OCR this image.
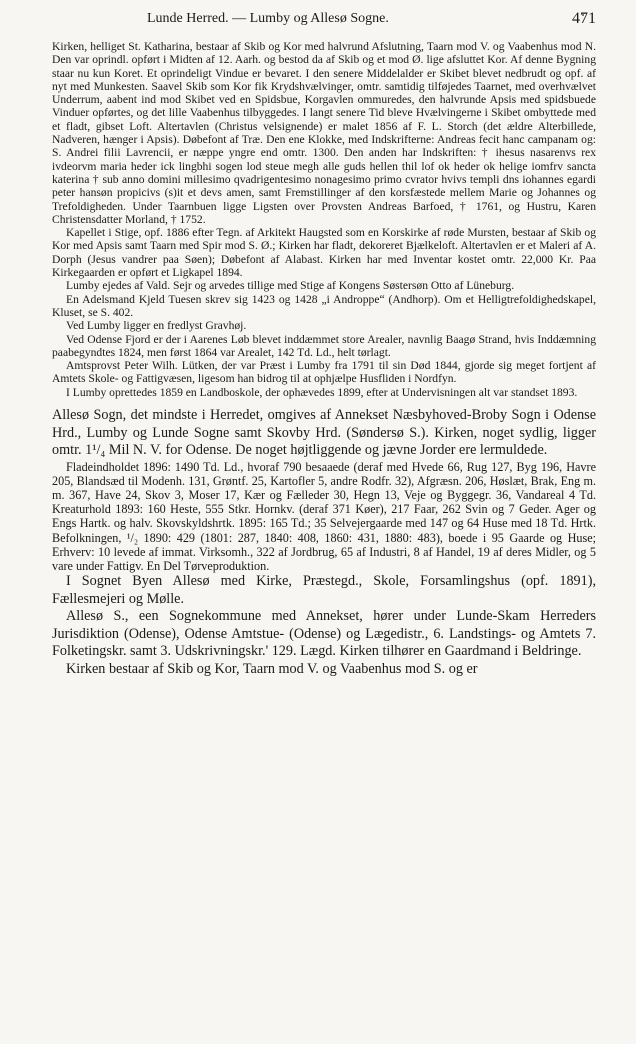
Lunde Herred. — Lumby og Allesø Sogne.	471

Kirken, helliget St. Katharina, bestaar af Skib og Kor med halvrund Afslutning, Taarn mod V. og Vaabenhus mod N. Den var oprindl. opført i Midten af 12. Aarh. og bestod da af Skib og et mod Ø. lige afsluttet Kor. Af denne Bygning staar nu kun Koret. Et oprindeligt Vindue er bevaret. I den senere Middelalder er Skibet blevet nedbrudt og opf. af nyt med Munkesten. Saavel Skib som Kor fik Krydshvælvinger, omtr. samtidig tilføjedes Taarnet, med overhvælvet Underrum, aabent ind mod Skibet ved en Spidsbue, Korgavlen ommuredes, den halvrunde Apsis med spidsbuede Vinduer opførtes, og det lille Vaabenhus tilbyggedes. I langt senere Tid bleve Hvælvingerne i Skibet ombyttede med et fladt, gibset Loft. Altertavlen (Christus velsignende) er malet 1856 af F. L. Storch (det ældre Alterbillede, Nadveren, hænger i Apsis). Døbefont af Træ. Den ene Klokke, med Indskrifterne: Andreas fecit hanc campanam og: S. Andrei filii Lavrencii, er næppe yngre end omtr. 1300. Den anden har Indskriften: † ihesus nasarenvs rex ivdeorvm maria heder ick lingbhi sogen lod steue megh alle guds hellen thil lof ok heder ok helige iomfrv sancta katerina † sub anno domini millesimo qvadrigentesimo nonagesimo primo cvrator hvivs templi dns iohannes egardi peter hansøn propicivs (s)it et devs amen, samt Fremstillinger af den korsfæstede mellem Marie og Johannes og Trefoldigheden. Under Taarnbuen ligge Ligsten over Provsten Andreas Barfoed, † 1761, og Hustru, Karen Christensdatter Morland, † 1752.

Kapellet i Stige, opf. 1886 efter Tegn. af Arkitekt Haugsted som en Korskirke af røde Mursten, bestaar af Skib og Kor med Apsis samt Taarn med Spir mod S. Ø.; Kirken har fladt, dekoreret Bjælkeloft. Altertavlen er et Maleri af A. Dorph (Jesus vandrer paa Søen); Døbefont af Alabast. Kirken har med Inventar kostet omtr. 22,000 Kr. Paa Kirkegaarden er opført et Ligkapel 1894.

Lumby ejedes af Vald. Sejr og arvedes tillige med Stige af Kongens Søstersøn Otto af Lüneburg.

En Adelsmand Kjeld Tuesen skrev sig 1423 og 1428 „i Androppe“ (Andhorp). Om et Helligtrefoldighedskapel, Kluset, se S. 402.

Ved Lumby ligger en fredlyst Gravhøj.

Ved Odense Fjord er der i Aarenes Løb blevet inddæmmet store Arealer, navnlig Baagø Strand, hvis Inddæmning paabegyndtes 1824, men først 1864 var Arealet, 142 Td. Ld., helt tørlagt.

Amtsprovst Peter Wilh. Lütken, der var Præst i Lumby fra 1791 til sin Død 1844, gjorde sig meget fortjent af Amtets Skole- og Fattigvæsen, ligesom han bidrog til at ophjælpe Husfliden i Nordfyn.

I Lumby oprettedes 1859 en Landboskole, der ophævedes 1899, efter at Undervisningen alt var standset 1893.

Allesø Sogn, det mindste i Herredet, omgives af Annekset Næsbyhoved-Broby Sogn i Odense Hrd., Lumby og Lunde Sogne samt Skovby Hrd. (Søndersø S.). Kirken, noget sydlig, ligger omtr. 1¹/₄ Mil N. V. for Odense. De noget højtliggende og jævne Jorder ere lermuldede.

Fladeindholdet 1896: 1490 Td. Ld., hvoraf 790 besaaede (deraf med Hvede 66, Rug 127, Byg 196, Havre 205, Blandsæd til Modenh. 131, Grøntf. 25, Kartofler 5, andre Rodfr. 32), Afgræsn. 206, Høslæt, Brak, Eng m. m. 367, Have 24, Skov 3, Moser 17, Kær og Fælleder 30, Hegn 13, Veje og Byggegr. 36, Vandareal 4 Td. Kreaturhold 1893: 160 Heste, 555 Stkr. Hornkv. (deraf 371 Køer), 217 Faar, 262 Svin og 7 Geder. Ager og Engs Hartk. og halv. Skovskyldshrtk. 1895: 165 Td.; 35 Selvejergaarde med 147 og 64 Huse med 18 Td. Hrtk. Befolkningen, ¹/₂ 1890: 429 (1801: 287, 1840: 408, 1860: 431, 1880: 483), boede i 95 Gaarde og Huse; Erhverv: 10 levede af immat. Virksomh., 322 af Jordbrug, 65 af Industri, 8 af Handel, 19 af deres Midler, og 5 vare under Fattigv. En Del Tørveproduktion.

I Sognet Byen Allesø med Kirke, Præstegd., Skole, Forsamlingshus (opf. 1891), Fællesmejeri og Mølle.

Allesø S., een Sognekommune med Annekset, hører under Lunde-Skam Herreders Jurisdiktion (Odense), Odense Amtstue- (Odense) og Lægedistr., 6. Landstings- og Amtets 7. Folketingskr. samt 3. Udskrivningskr.' 129. Lægd. Kirken tilhører en Gaardmand i Beldringe.

Kirken bestaar af Skib og Kor, Taarn mod V. og Vaabenhus mod S. og er
